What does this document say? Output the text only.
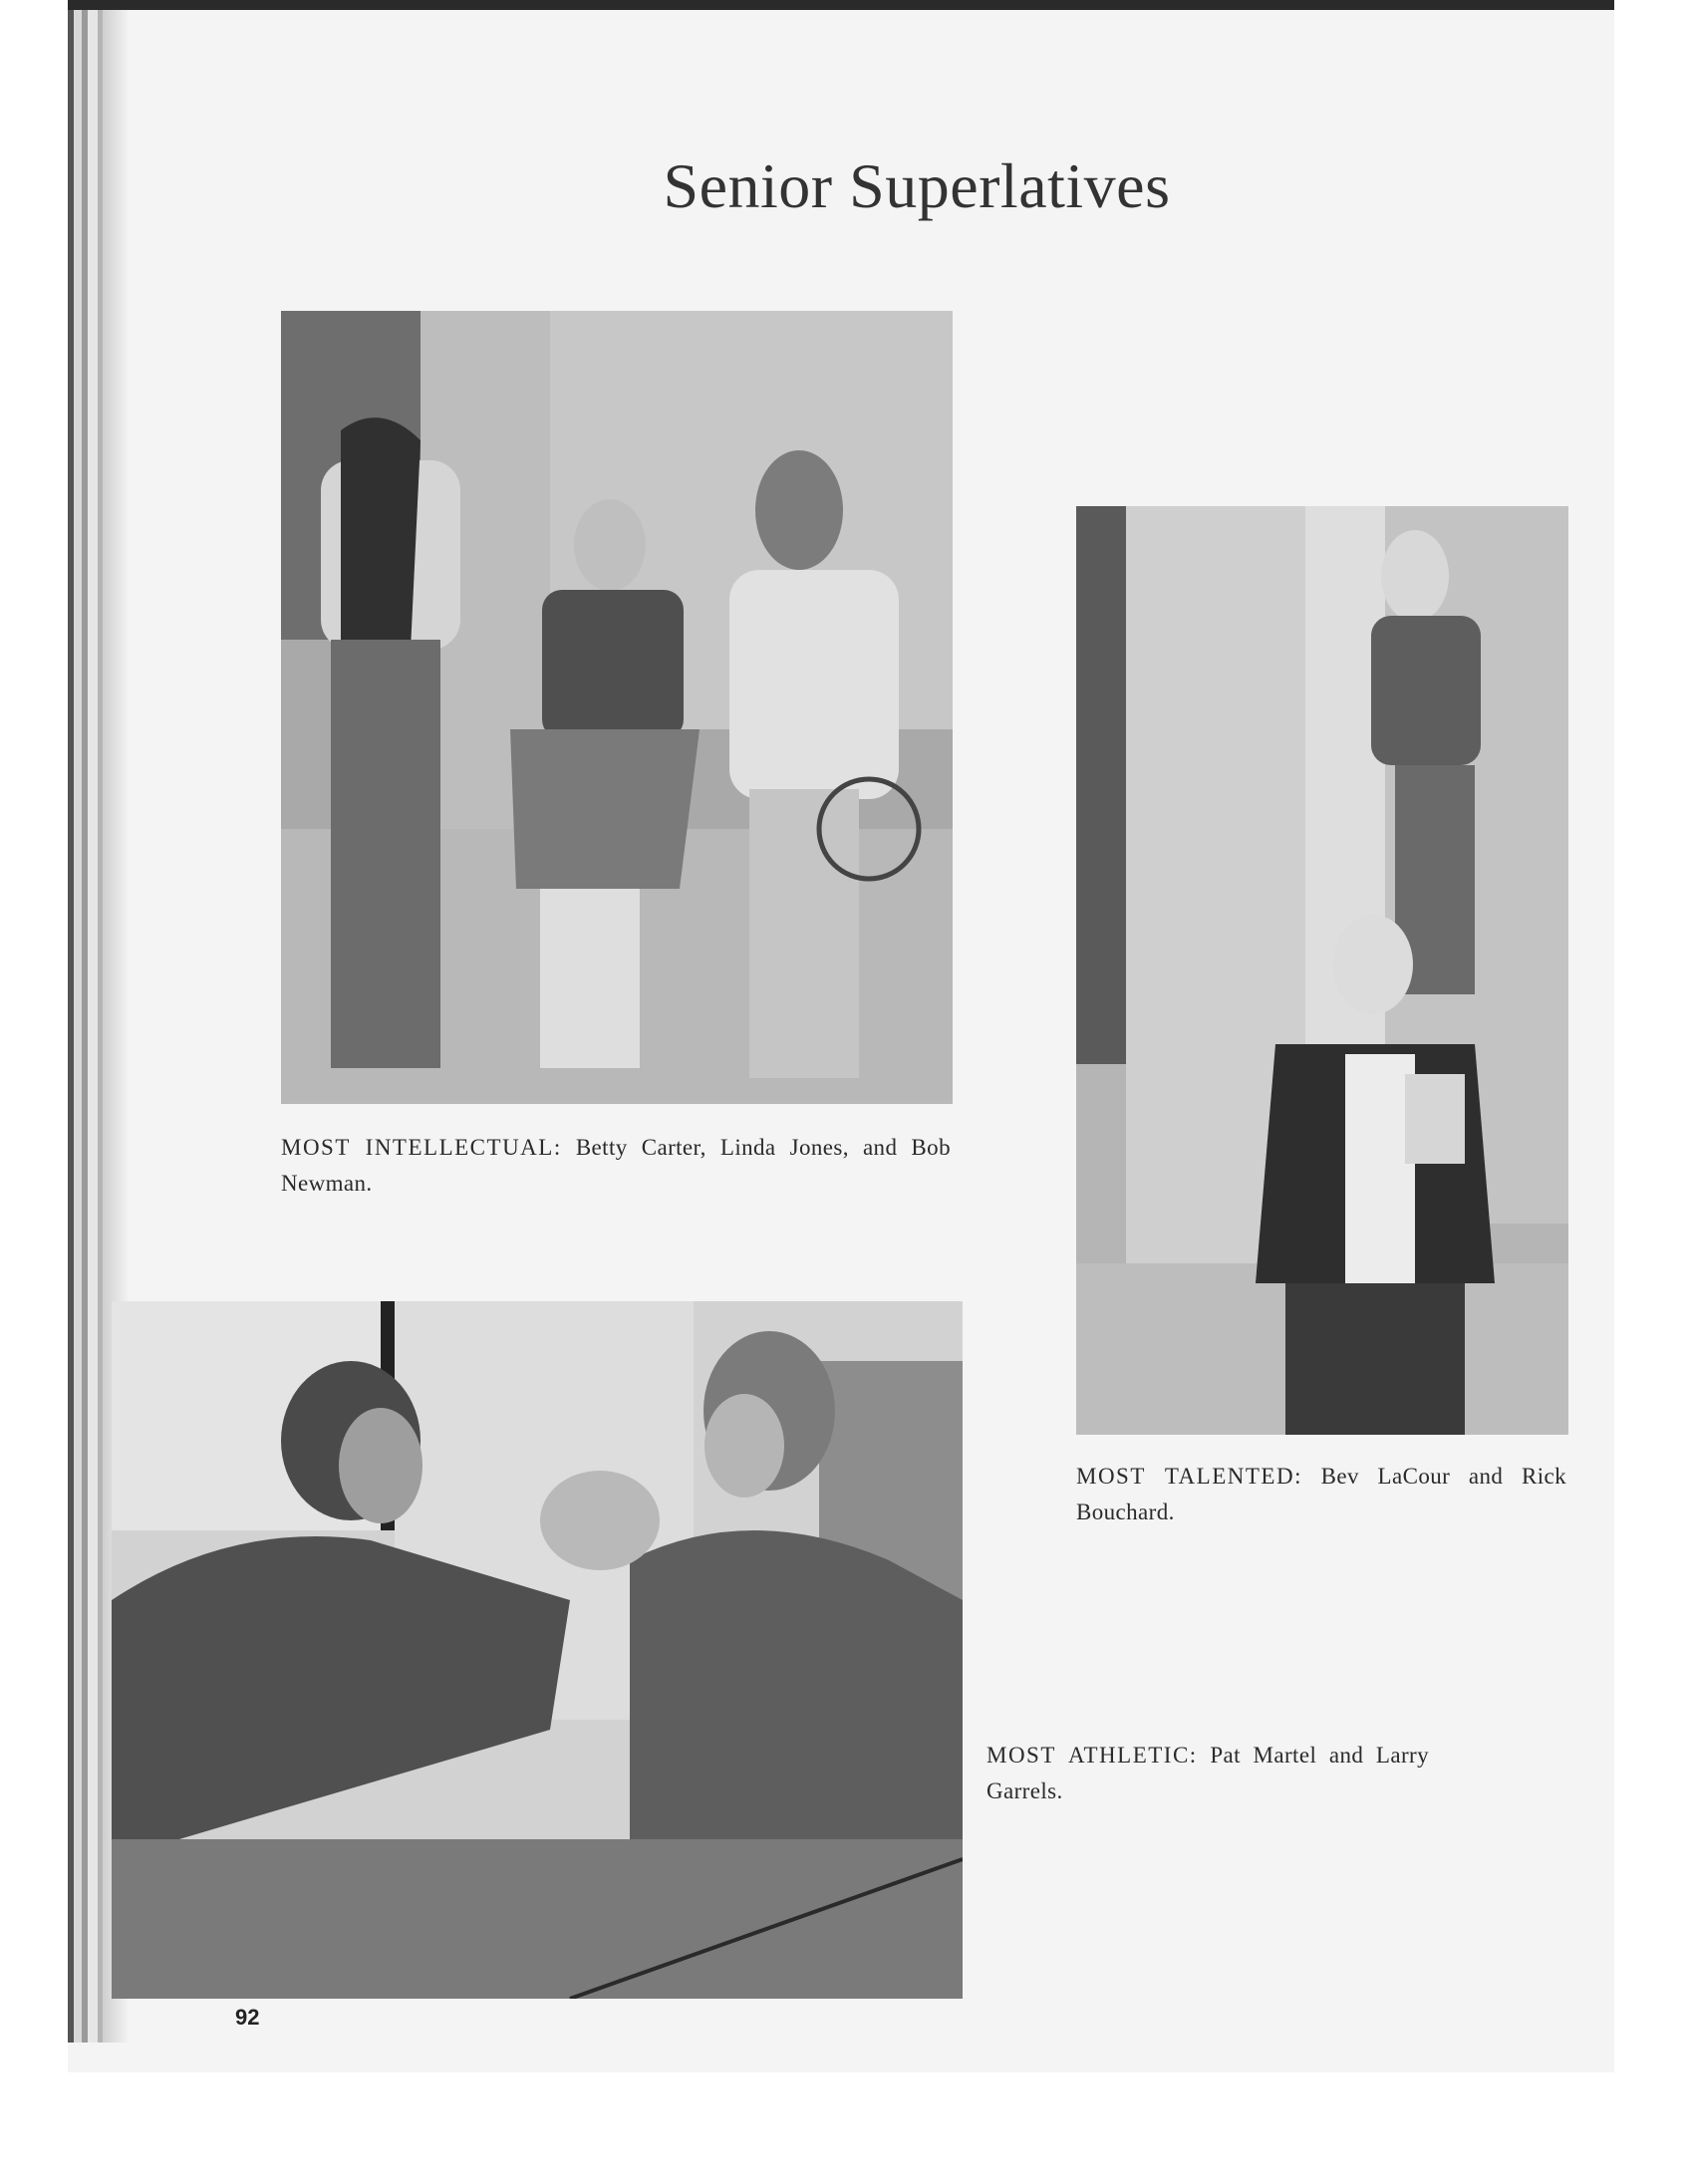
Senior Superlatives
MOST INTELLECTUAL: Betty Carter, Linda Jones, and Bob Newman.
MOST TALENTED: Bev LaCour and Rick Bouchard.
MOST ATHLETIC: Pat Martel and Larry Garrels.
92
